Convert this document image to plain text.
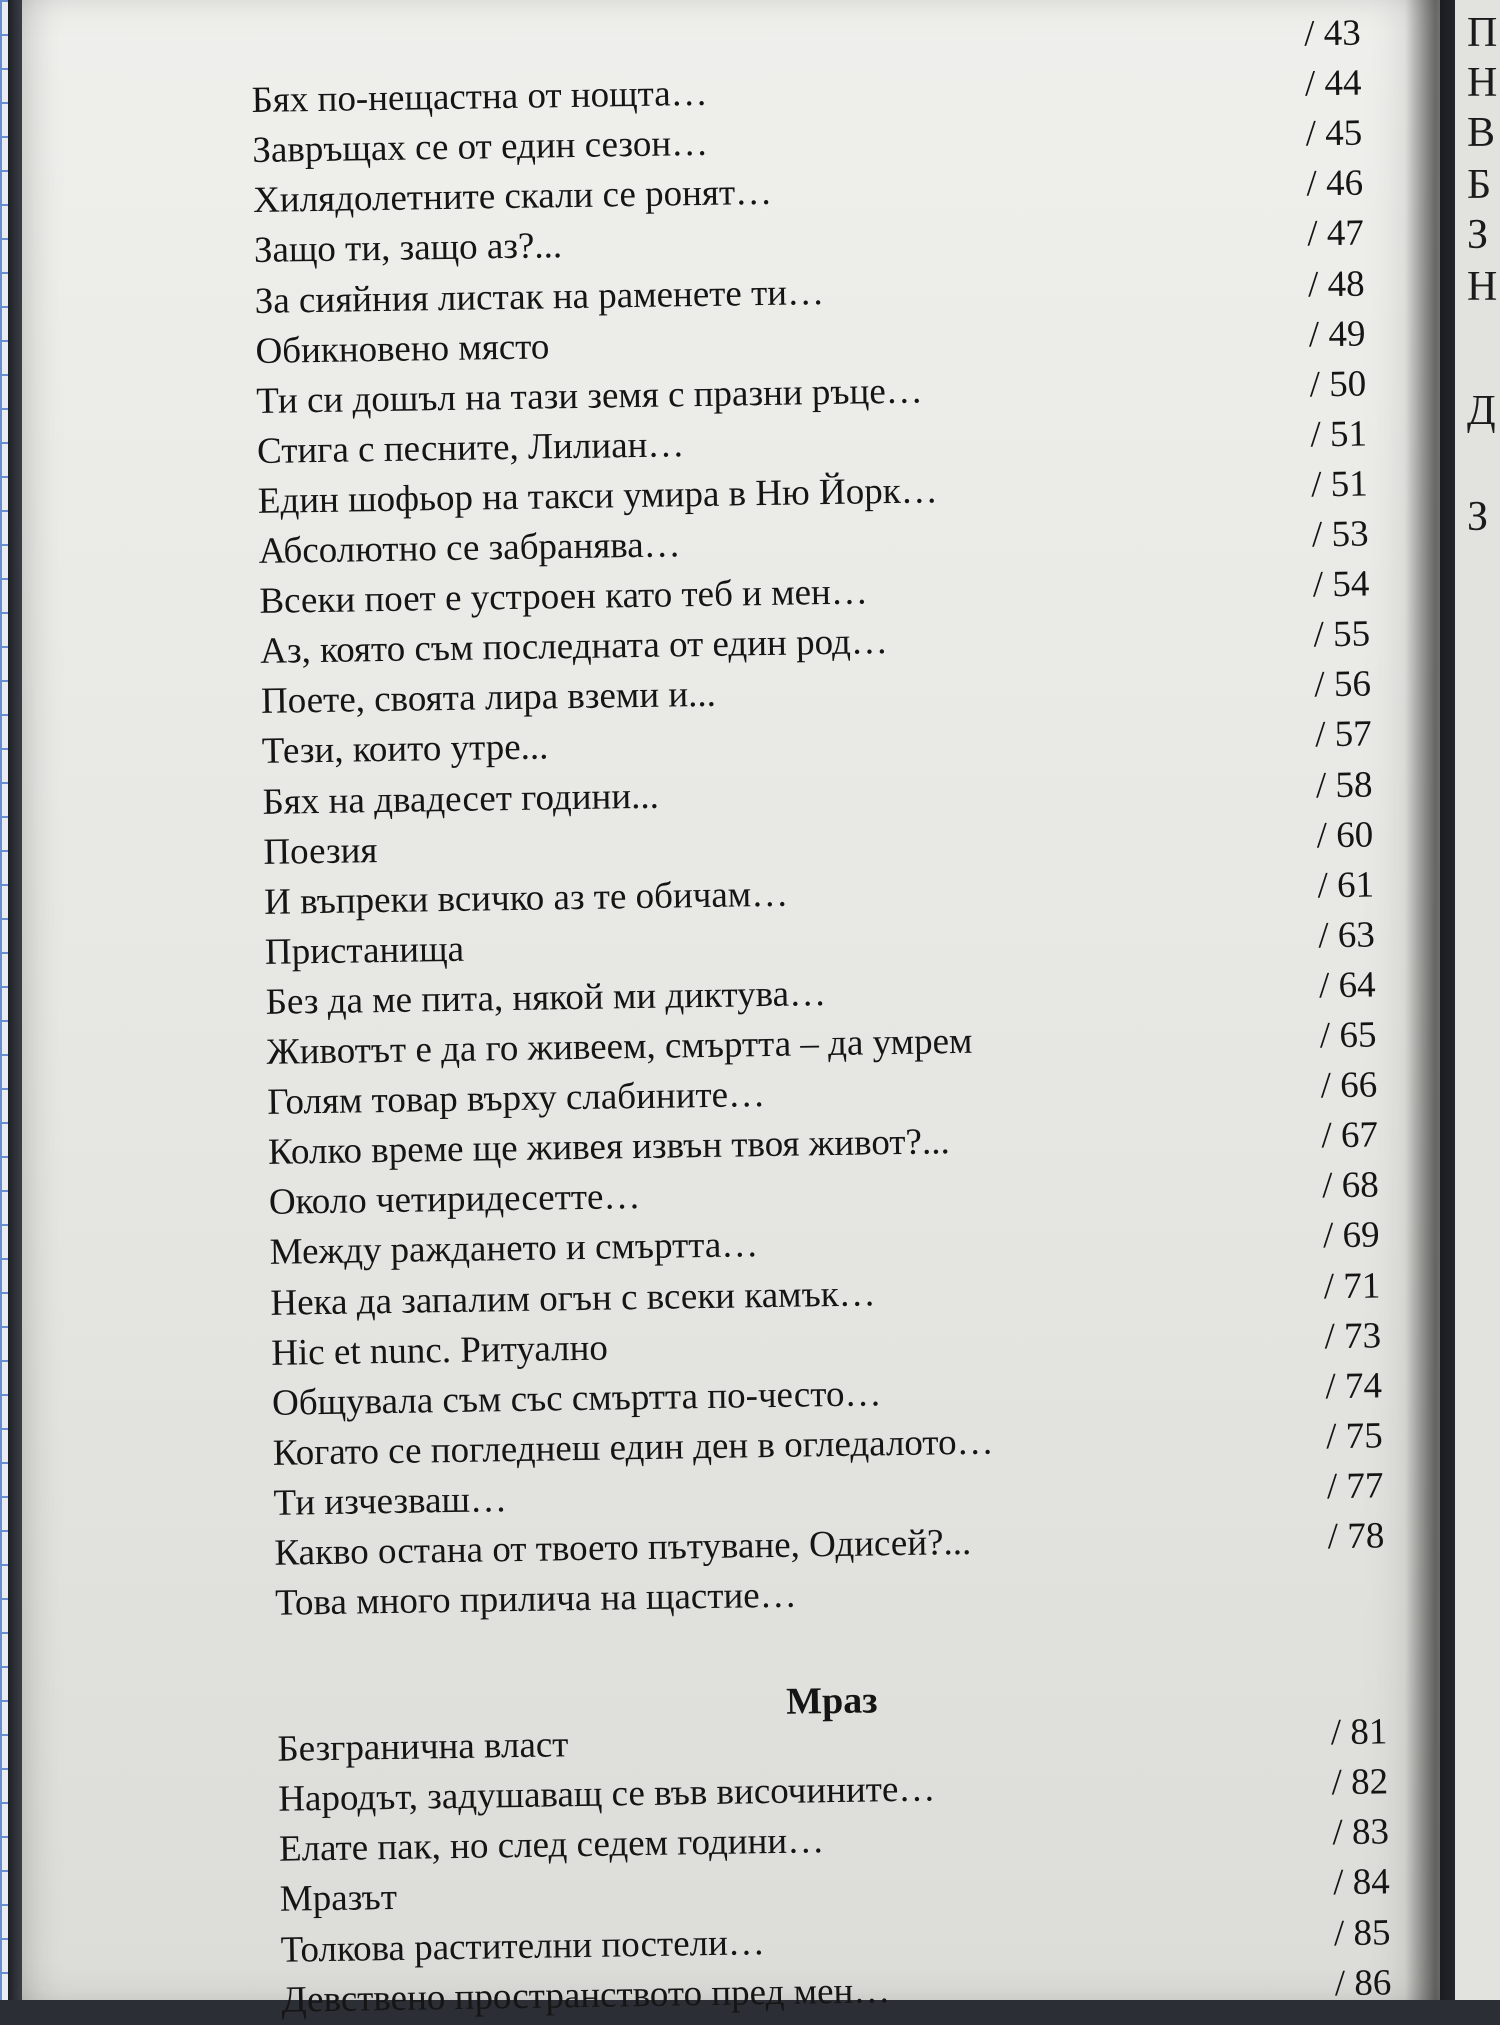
/ 43
Бях по-нещастна от нощта…	/ 44
Завръщах се от един сезон…	/ 45
Хилядолетните скали се ронят…	/ 46
Защо ти, защо аз?...	/ 47
За сияйния листак на раменете ти…	/ 48
Обикновено място	/ 49
Ти си дошъл на тази земя с празни ръце…	/ 50
Стига с песните, Лилиан…	/ 51
Един шофьор на такси умира в Ню Йорк…	/ 51
Абсолютно се забранява…	/ 53
Всеки поет е устроен като теб и мен…	/ 54
Аз, която съм последната от един род…	/ 55
Поете, своята лира вземи и...	/ 56
Тези, които утре...	/ 57
Бях на двадесет години...	/ 58
Поезия	/ 60
И въпреки всичко аз те обичам…	/ 61
Пристанища	/ 63
Без да ме пита, някой ми диктува…	/ 64
Животът е да го живеем, смъртта – да умрем	/ 65
Голям товар върху слабините…	/ 66
Колко време ще живея извън твоя живот?...	/ 67
Около четиридесетте…	/ 68
Между раждането и смъртта…	/ 69
Нека да запалим огън с всеки камък…	/ 71
Hic et nunc. Ритуално	/ 73
Общувала съм със смъртта по-често…	/ 74
Когато се погледнеш един ден в огледалото…	/ 75
Ти изчезваш…	/ 77
Какво остана от твоето пътуване, Одисей?...	/ 78
Това много прилича на щастие…
Мраз
Безгранична власт	/ 81
Народът, задушаващ се във височините…	/ 82
Елате пак, но след седем години…	/ 83
Мразът	/ 84
Толкова растителни постели…	/ 85
Девствено пространството пред мен…	/ 86
П
Н
В
Б
З
Н
Д
З
